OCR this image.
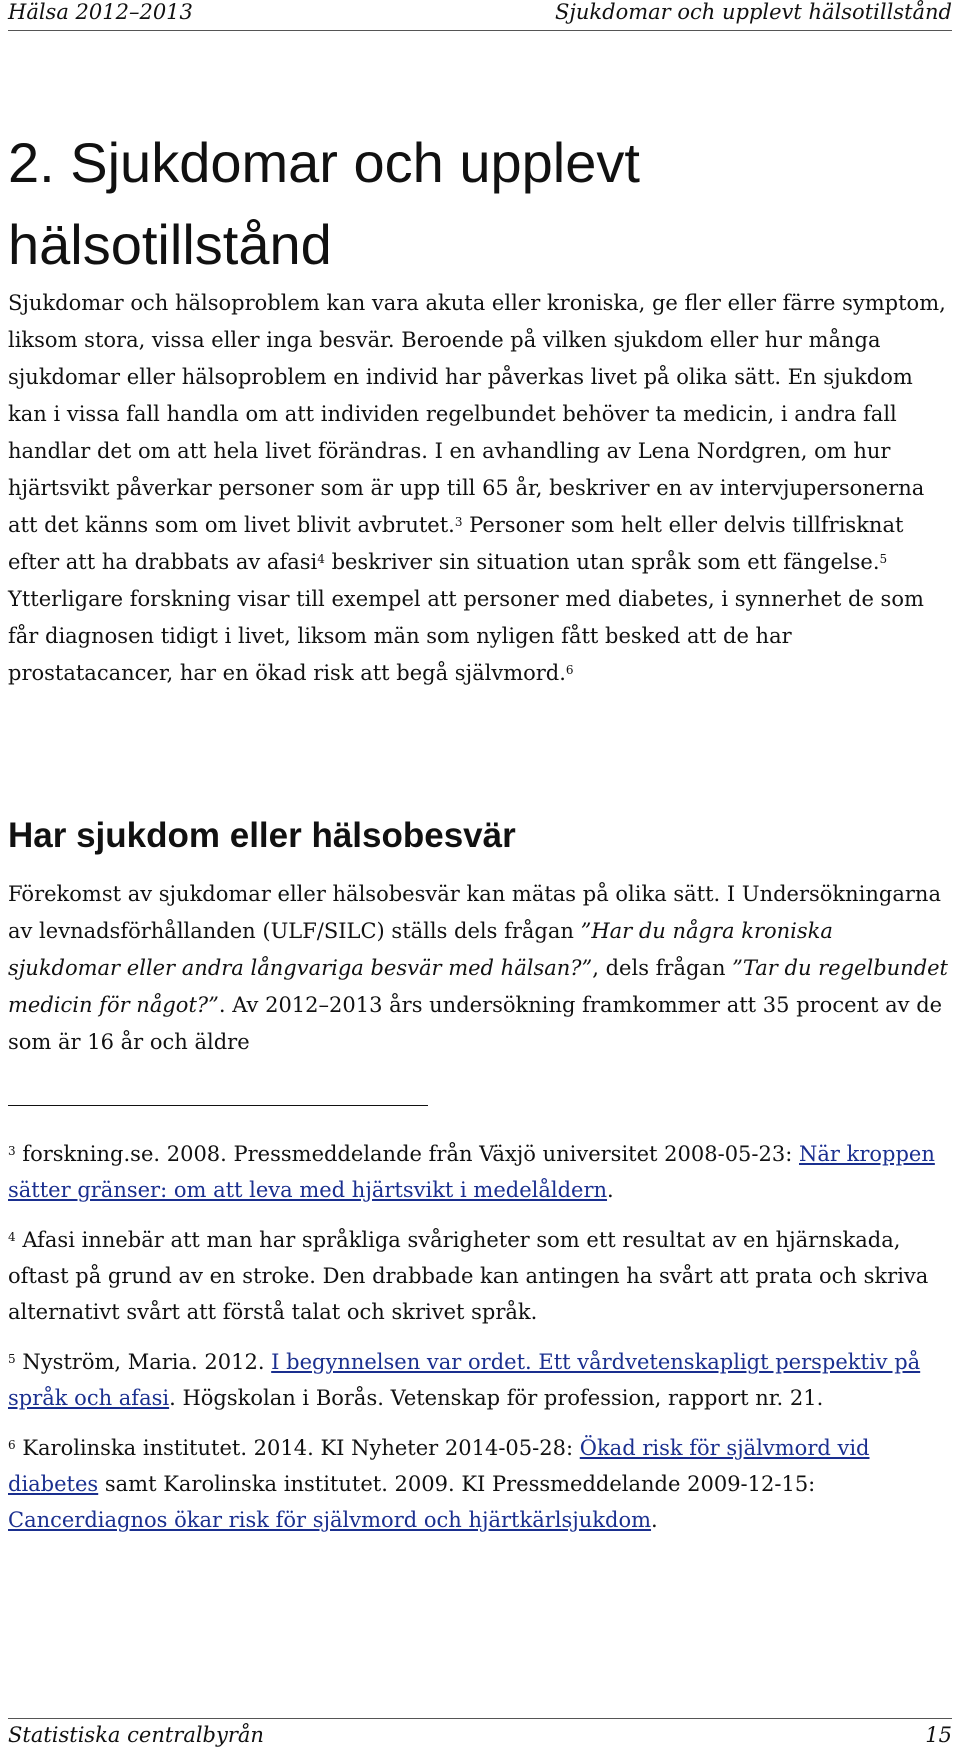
Hälsa 2012–2013	Sjukdomar och upplevt hälsotillstånd
2. Sjukdomar och upplevt hälsotillstånd

Sjukdomar och hälsoproblem kan vara akuta eller kroniska, ge fler eller färre symptom, liksom stora, vissa eller inga besvär. Beroende på vilken sjukdom eller hur många sjukdomar eller hälsoproblem en individ har påverkas livet på olika sätt. En sjukdom kan i vissa fall handla om att individen regelbundet behöver ta medicin, i andra fall handlar det om att hela livet förändras. I en avhandling av Lena Nordgren, om hur hjärtsvikt påverkar personer som är upp till 65 år, beskriver en av intervjupersonerna att det känns som om livet blivit avbrutet.$^3$ Personer som helt eller delvis tillfrisknat efter att ha drabbats av afasi$^4$ beskriver sin situation utan språk som ett fängelse.$^5$ Ytterligare forskning visar till exempel att personer med diabetes, i synnerhet de som får diagnosen tidigt i livet, liksom män som nyligen fått besked att de har prostatacancer, har en ökad risk att begå självmord.$^6$

Har sjukdom eller hälsobesvär

Förekomst av sjukdomar eller hälsobesvär kan mätas på olika sätt. I Undersökningarna av levnadsförhållanden (ULF/SILC) ställs dels frågan ”Har du några kroniska sjukdomar eller andra långvariga besvär med hälsan?”, dels frågan ”Tar du regelbundet medicin för något?”. Av 2012–2013 års undersökning framkommer att 35 procent av de som är 16 år och äldre

$^3$ forskning.se. 2008. Pressmeddelande från Växjö universitet 2008-05-23: När kroppen sätter gränser: om att leva med hjärtsvikt i medelåldern.

$^4$ Afasi innebär att man har språkliga svårigheter som ett resultat av en hjärnskada, oftast på grund av en stroke. Den drabbade kan antingen ha svårt att prata och skriva alternativt svårt att förstå talat och skrivet språk.

$^5$ Nyström, Maria. 2012. I begynnelsen var ordet. Ett vårdvetenskapligt perspektiv på språk och afasi. Högskolan i Borås. Vetenskap för profession, rapport nr. 21.

$^6$ Karolinska institutet. 2014. KI Nyheter 2014-05-28: Ökad risk för självmord vid diabetes samt Karolinska institutet. 2009. KI Pressmeddelande 2009-12-15: Cancerdiagnos ökar risk för självmord och hjärtkärlsjukdom.

Statistiska centralbyrån	15
